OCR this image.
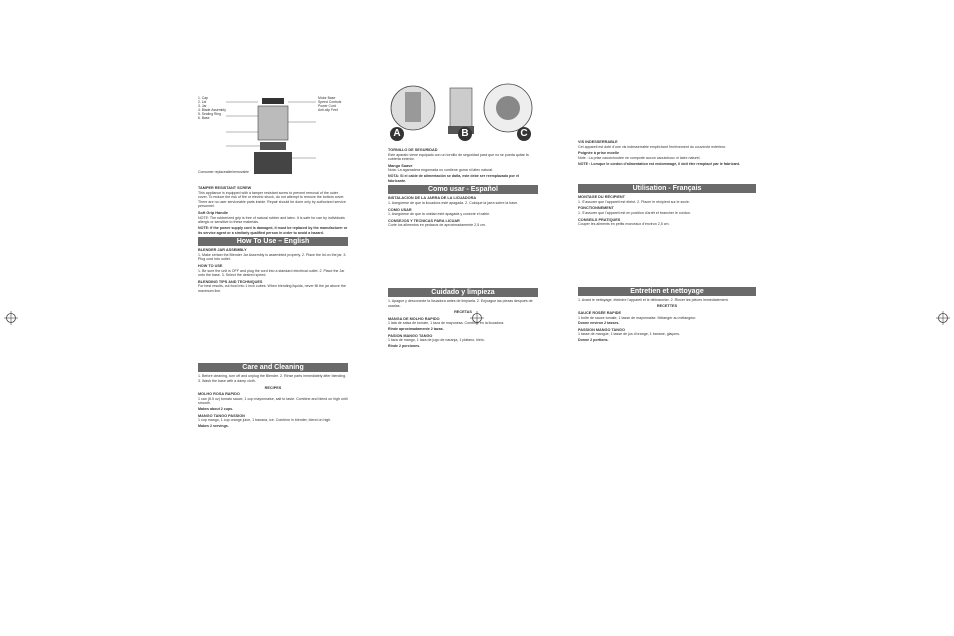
1. Cap
2. Lid
3. Jar
4. Blade Assembly
5. Sealing Ring
6. Base
Motor Base
Speed Controls
Power Cord
Anti-slip Feet
Consumer replaceable/removable
TAMPER RESISTANT SCREW
This appliance is equipped with a tamper resistant screw to prevent removal of the outer cover. To reduce the risk of fire or electric shock, do not attempt to remove the bottom cover. There are no user serviceable parts inside. Repair should be done only by authorized service personnel.
Soft Grip Handle
NOTE: The rubberized grip is free of natural rubber and latex. It is safe for use by individuals allergic or sensitive to these materials.
NOTE: If the power supply cord is damaged, it must be replaced by the manufacturer or its service agent or a similarly qualified person in order to avoid a hazard.
How To Use – English
BLENDER JAR ASSEMBLY
1. Make certain the Blender Jar Assembly is assembled properly. 2. Place the lid on the jar. 3. Plug cord into outlet.
HOW TO USE
1. Be sure the unit is OFF and plug the cord into a standard electrical outlet. 2. Place the Jar onto the base. 3. Select the desired speed.
BLENDING TIPS AND TECHNIQUES
For best results, cut food into 1 inch cubes. When blending liquids, never fill the jar above the maximum line.
Care and Cleaning
1. Before cleaning, turn off and unplug the Blender. 2. Rinse parts immediately after blending. 3. Wash the base with a damp cloth.
RECIPES
MOLHO ROSA RAPIDO
1 can (6.5 oz) tomato sauce, 1 cup mayonnaise, salt to taste. Combine and blend on high until smooth.
Makes about 2 cups.
MANGO TANGO PASSION
1 cup mango, 1 cup orange juice, 1 banana, ice. Combine in blender, blend on high.
Makes 2 servings.
A	B	C
TORNILLO DE SEGURIDAD
Este aparato viene equipado con un tornillo de seguridad para que no se pueda quitar la cubierta exterior.
Mango Suave
Nota: La agarradera engomada no contiene goma ni látex natural.
NOTA: Si el cable de alimentación se daña, este debe ser reemplazado por el fabricante.
Como usar - Español
INSTALACION DE LA JARRA DE LA LICUADORA
1. Asegúrese de que la licuadora esté apagada. 2. Coloque la jarra sobre la base.
COMO USAR
1. Asegúrese de que la unidad esté apagada y conecte el cable.
CONSEJOS Y TECNICAS PARA LICUAR
Corte los alimentos en pedazos de aproximadamente 2,5 cm.
Cuidado y limpieza
1. Apague y desconecte la licuadora antes de limpiarla. 2. Enjuague las piezas después de usarlas.
RECETAS
MANGA DE MOLHO RAPIDO
1 lata de salsa de tomate, 1 taza de mayonesa. Combine en la licuadora.
Rinde aproximadamente 2 tazas.
PASION MANGO TANGO
1 taza de mango, 1 taza de jugo de naranja, 1 plátano, hielo.
Rinde 2 porciones.
VIS INDESSERRABLE
Cet appareil est doté d’une vis indesserrable empêchant l’enlèvement du couvercle extérieur.
Poignée à prise moelle
Note : La prise caoutchoutée ne comporte aucun caoutchouc ni latex naturel.
NOTE : Lorsque le cordon d’alimentation est endommagé, il doit être remplacé par le fabricant.
Utilisation - Français
MONTAGE DU RÉCIPIENT
1. S’assurer que l’appareil est éteint. 2. Placer le récipient sur le socle.
FONCTIONNEMENT
1. S’assurer que l’appareil est en position d’arrêt et brancher le cordon.
CONSEILS PRATIQUES
Couper les aliments en petits morceaux d’environ 2,5 cm.
Entretien et nettoyage
1. Avant le nettoyage, éteindre l’appareil et le débrancher. 2. Rincer les pièces immédiatement.
RECETTES
SAUCE ROSÉE RAPIDE
1 boîte de sauce tomate, 1 tasse de mayonnaise. Mélanger au mélangeur.
Donne environ 2 tasses.
PASSION MANGO TANGO
1 tasse de mangue, 1 tasse de jus d’orange, 1 banane, glaçons.
Donne 2 portions.
